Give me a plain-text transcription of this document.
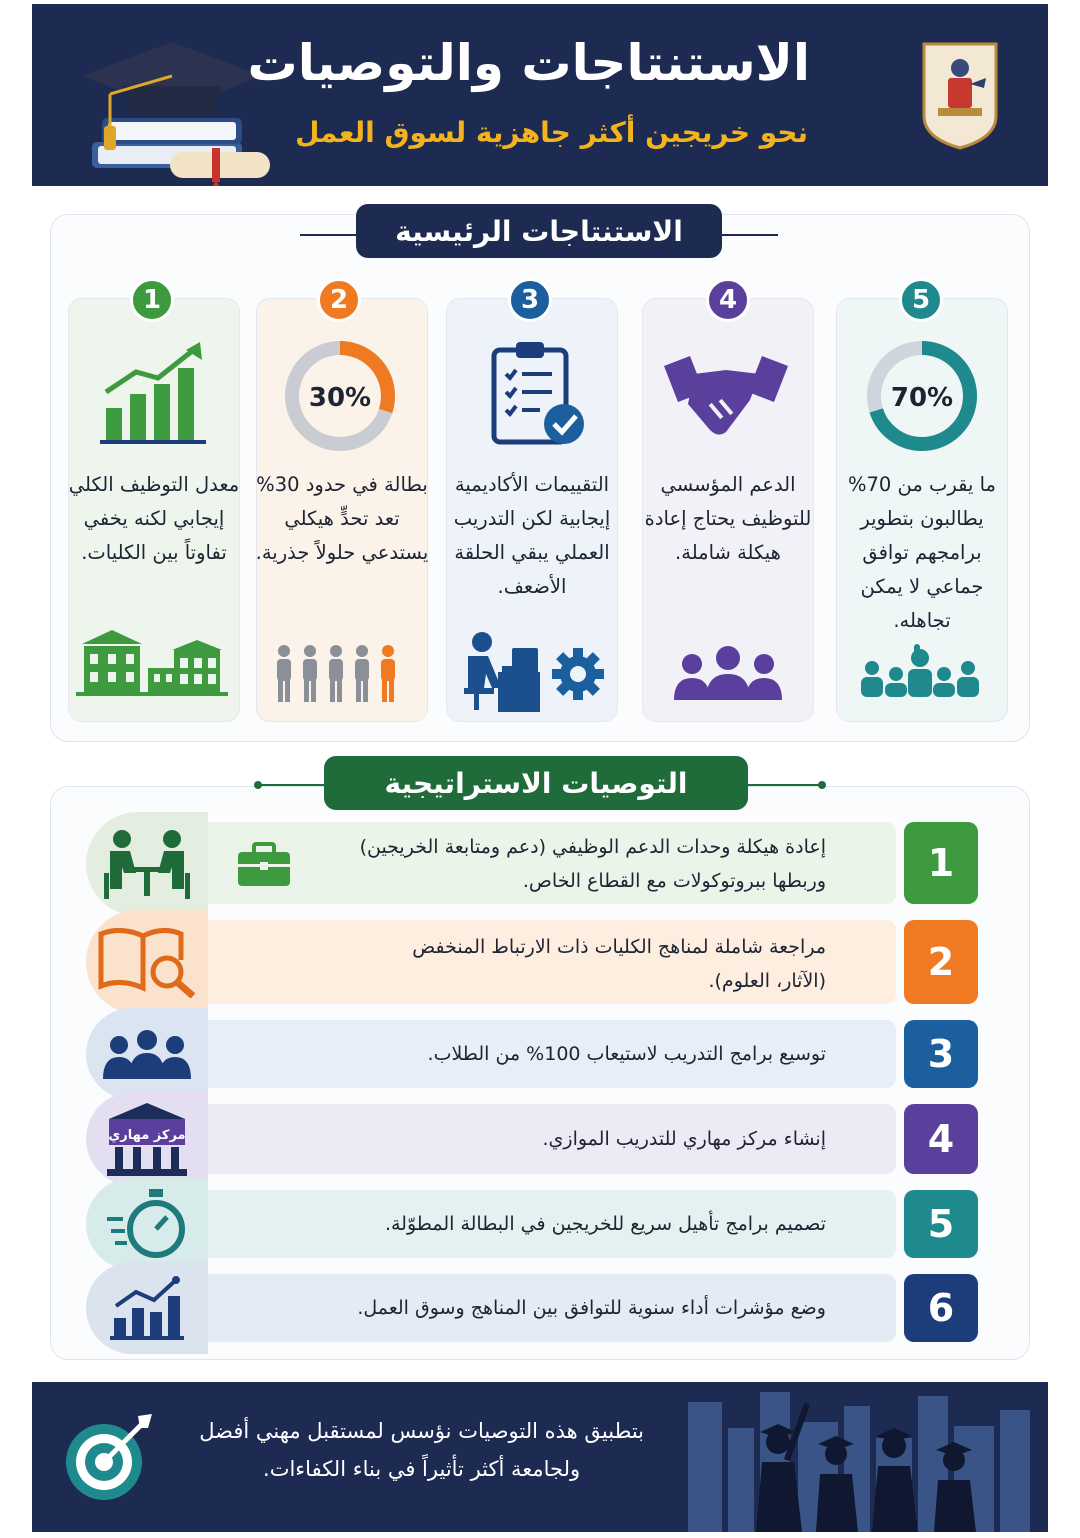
الاستنتاجات والتوصيات
نحو خريجين أكثر جاهزية لسوق العمل
الاستنتاجات الرئيسية
5
70%
ما يقرب من 70% يطالبون بتطوير برامجهم توافق جماعي لا يمكن تجاهله.
4
الدعم المؤسسي للتوظيف يحتاج إعادة هيكلة شاملة.
3
التقييمات الأكاديمية إيجابية لكن التدريب العملي يبقي الحلقة الأضعف.
2
30%
بطالة في حدود 30% تعد تحدٍّ هيكلي يستدعي حلولاً جذرية.
1
معدل التوظيف الكلي إيجابي لكنه يخفي تفاوتاً بين الكليات.
التوصيات الاستراتيجية
إعادة هيكلة وحدات الدعم الوظيفي (دعم ومتابعة الخريجين)
وربطها ببروتوكولات مع القطاع الخاص.	1
مراجعة شاملة لمناهج الكليات ذات الارتباط المنخفض
(الآثار، العلوم).	2
توسيع برامج التدريب لاستيعاب 100% من الطلاب.	3
إنشاء مركز مهاري للتدريب الموازي.	4
مركز مهاري
تصميم برامج تأهيل سريع للخريجين في البطالة المطوّلة.	5
وضع مؤشرات أداء سنوية للتوافق بين المناهج وسوق العمل.	6
بتطبيق هذه التوصيات نؤسس لمستقبل مهني أفضل
ولجامعة أكثر تأثيراً في بناء الكفاءات.
